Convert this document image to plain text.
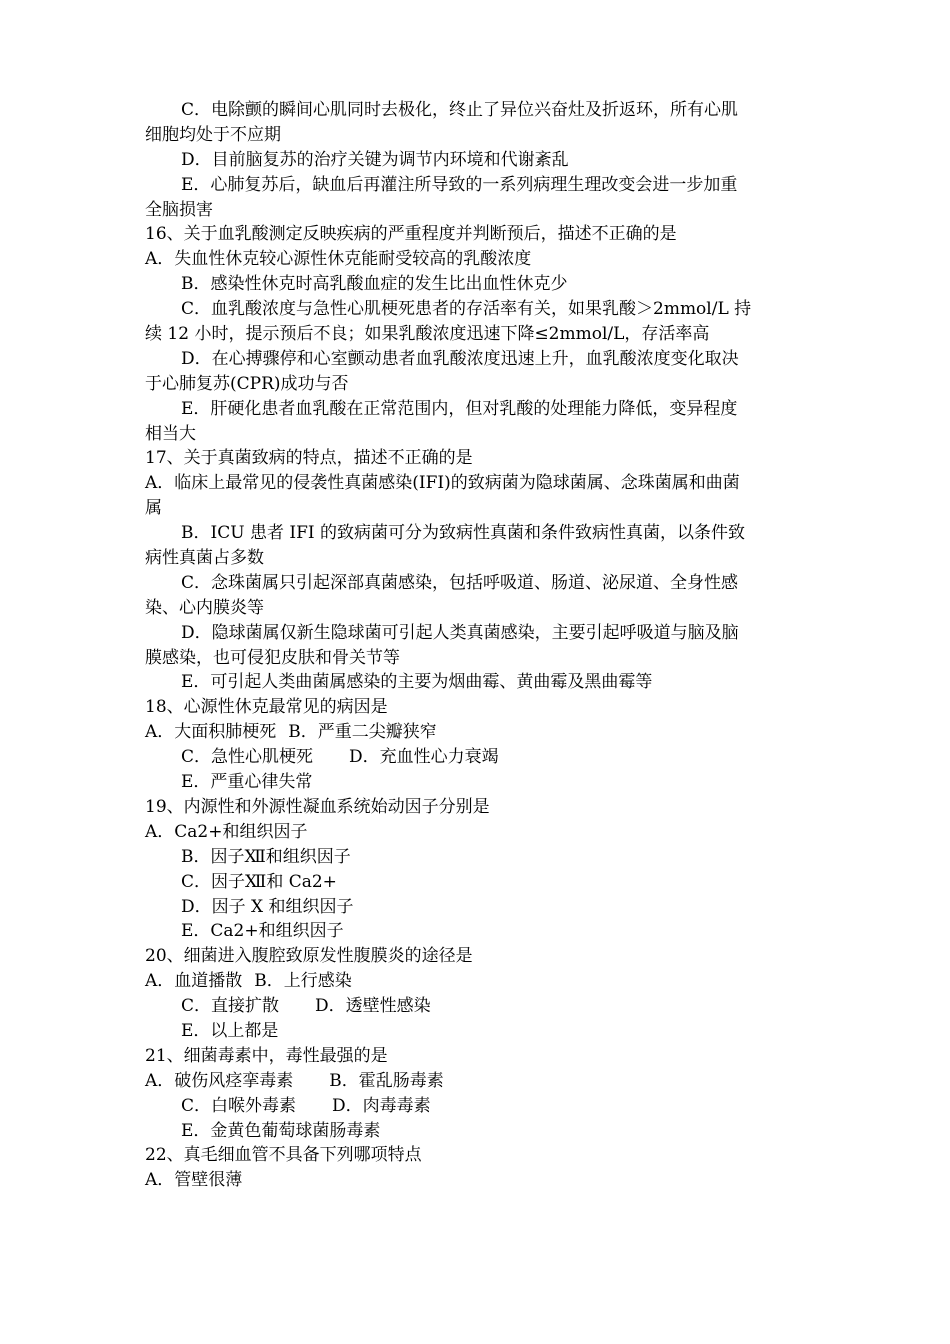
C．电除颤的瞬间心肌同时去极化，终止了异位兴奋灶及折返环，所有心肌
细胞均处于不应期
D．目前脑复苏的治疗关键为调节内环境和代谢紊乱
E．心肺复苏后，缺血后再灌注所导致的一系列病理生理改变会进一步加重
全脑损害
16、关于血乳酸测定反映疾病的严重程度并判断预后，描述不正确的是
A．失血性休克较心源性休克能耐受较高的乳酸浓度
B．感染性休克时高乳酸血症的发生比出血性休克少
C．血乳酸浓度与急性心肌梗死患者的存活率有关，如果乳酸＞2mmol/L 持
续 12 小时，提示预后不良；如果乳酸浓度迅速下降≤2mmol/L，存活率高
D．在心搏骤停和心室颤动患者血乳酸浓度迅速上升，血乳酸浓度变化取决
于心肺复苏(CPR)成功与否
E．肝硬化患者血乳酸在正常范围内，但对乳酸的处理能力降低，变异程度
相当大
17、关于真菌致病的特点，描述不正确的是
A．临床上最常见的侵袭性真菌感染(IFI)的致病菌为隐球菌属、念珠菌属和曲菌
属
B．ICU 患者 IFI 的致病菌可分为致病性真菌和条件致病性真菌，以条件致
病性真菌占多数
C．念珠菌属只引起深部真菌感染，包括呼吸道、肠道、泌尿道、全身性感
染、心内膜炎等
D．隐球菌属仅新生隐球菌可引起人类真菌感染，主要引起呼吸道与脑及脑
膜感染，也可侵犯皮肤和骨关节等
E．可引起人类曲菌属感染的主要为烟曲霉、黄曲霉及黑曲霉等
18、心源性休克最常见的病因是
A．大面积肺梗死 B．严重二尖瓣狭窄
C．急性心肌梗死 D．充血性心力衰竭
E．严重心律失常
19、内源性和外源性凝血系统始动因子分别是
A．Ca2+和组织因子
B．因子Ⅻ和组织因子
C．因子Ⅻ和 Ca2+
D．因子 X 和组织因子
E．Ca2+和组织因子
20、细菌进入腹腔致原发性腹膜炎的途径是
A．血道播散 B．上行感染
C．直接扩散 D．透壁性感染
E．以上都是
21、细菌毒素中，毒性最强的是
A．破伤风痉挛毒素 B．霍乱肠毒素
C．白喉外毒素 D．肉毒毒素
E．金黄色葡萄球菌肠毒素
22、真毛细血管不具备下列哪项特点
A．管壁很薄
